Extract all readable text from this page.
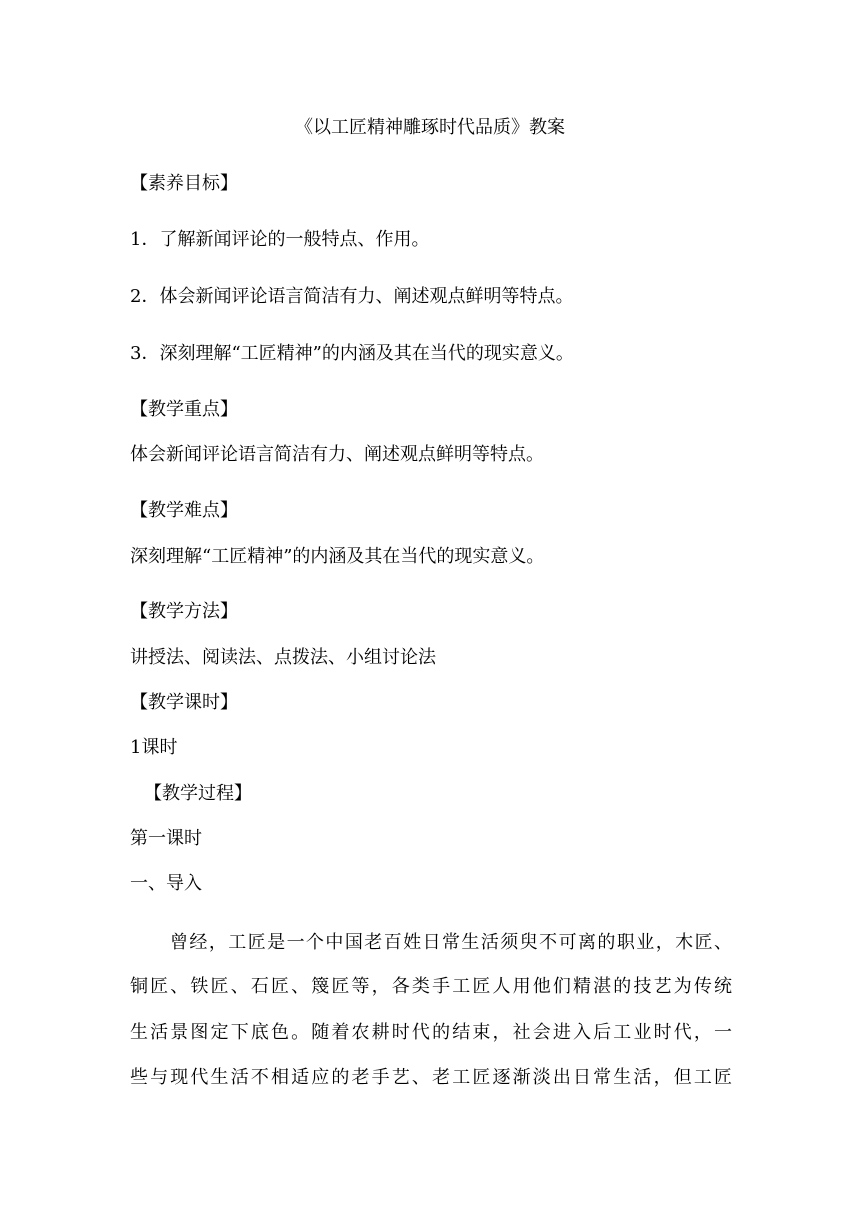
《以工匠精神雕琢时代品质》教案
【素养目标】
1．了解新闻评论的一般特点、作用。
2．体会新闻评论语言简洁有力、阐述观点鲜明等特点。
3．深刻理解“工匠精神”的内涵及其在当代的现实意义。
【教学重点】
体会新闻评论语言简洁有力、阐述观点鲜明等特点。
【教学难点】
深刻理解“工匠精神”的内涵及其在当代的现实意义。
【教学方法】
讲授法、阅读法、点拨法、小组讨论法
【教学课时】
1课时
【教学过程】
第一课时
一、导入
曾经，工匠是一个中国老百姓日常生活须臾不可离的职业，木匠、
铜匠、铁匠、石匠、篾匠等，各类手工匠人用他们精湛的技艺为传统
生活景图定下底色。随着农耕时代的结束，社会进入后工业时代，一
些与现代生活不相适应的老手艺、老工匠逐渐淡出日常生活，但工匠
